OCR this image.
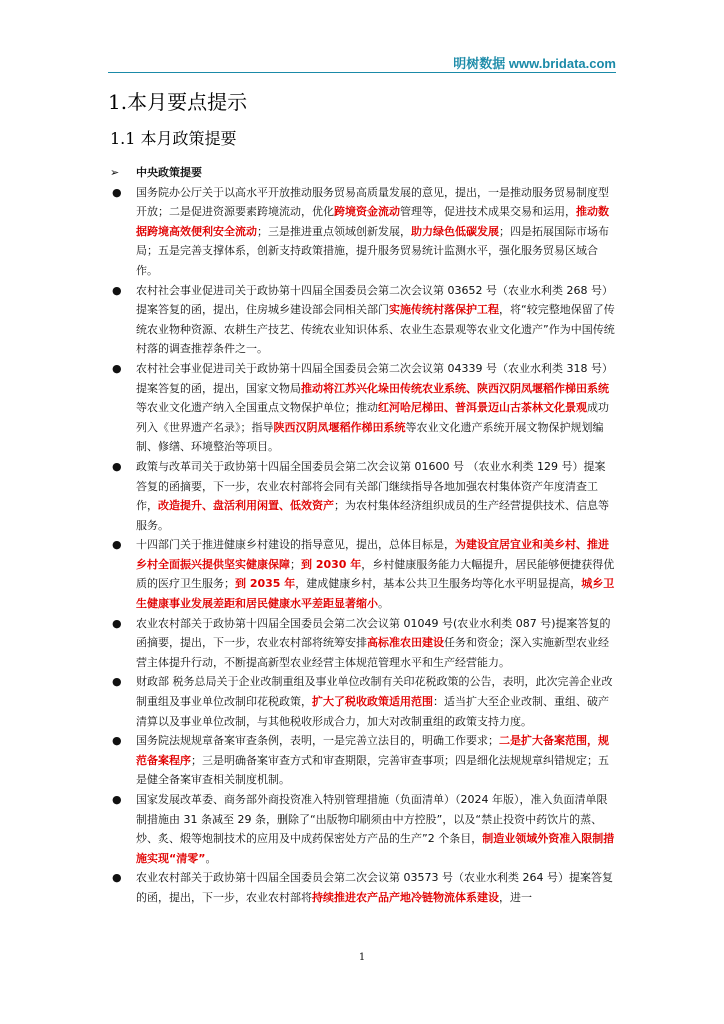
明树数据 www.bridata.com
1.本月要点提示
1.1 本月政策提要
➢ 中央政策提要
● 国务院办公厅关于以高水平开放推动服务贸易高质量发展的意见，提出，一是推动服务贸易制度型开放；二是促进资源要素跨境流动，优化跨境资金流动管理等，促进技术成果交易和运用，推动数据跨境高效便利安全流动；三是推进重点领域创新发展，助力绿色低碳发展；四是拓展国际市场布局；五是完善支撑体系，创新支持政策措施，提升服务贸易统计监测水平，强化服务贸易区域合作。
● 农村社会事业促进司关于政协第十四届全国委员会第二次会议第 03652 号（农业水利类 268 号）提案答复的函，提出，住房城乡建设部会同相关部门实施传统村落保护工程，将“较完整地保留了传统农业物种资源、农耕生产技艺、传统农业知识体系、农业生态景观等农业文化遗产”作为中国传统村落的调查推荐条件之一。
● 农村社会事业促进司关于政协第十四届全国委员会第二次会议第 04339 号（农业水利类 318 号）提案答复的函，提出，国家文物局推动将江苏兴化垛田传统农业系统、陕西汉阴凤堰稻作梯田系统等农业文化遗产纳入全国重点文物保护单位；推动红河哈尼梯田、普洱景迈山古茶林文化景观成功列入《世界遗产名录》；指导陕西汉阴凤堰稻作梯田系统等农业文化遗产系统开展文物保护规划编制、修缮、环境整治等项目。
● 政策与改革司关于政协第十四届全国委员会第二次会议第 01600 号 （农业水利类 129 号）提案答复的函摘要，下一步，农业农村部将会同有关部门继续指导各地加强农村集体资产年度清查工作，改造提升、盘活利用闲置、低效资产；为农村集体经济组织成员的生产经营提供技术、信息等服务。
● 十四部门关于推进健康乡村建设的指导意见，提出，总体目标是，为建设宜居宜业和美乡村、推进乡村全面振兴提供坚实健康保障；到 2030 年，乡村健康服务能力大幅提升，居民能够便捷获得优质的医疗卫生服务；到 2035 年，建成健康乡村，基本公共卫生服务均等化水平明显提高，城乡卫生健康事业发展差距和居民健康水平差距显著缩小。
● 农业农村部关于政协第十四届全国委员会第二次会议第 01049 号(农业水利类 087 号)提案答复的函摘要，提出，下一步，农业农村部将统筹安排高标准农田建设任务和资金；深入实施新型农业经营主体提升行动，不断提高新型农业经营主体规范管理水平和生产经营能力。
● 财政部 税务总局关于企业改制重组及事业单位改制有关印花税政策的公告，表明，此次完善企业改制重组及事业单位改制印花税政策，扩大了税收政策适用范围：适当扩大至企业改制、重组、破产清算以及事业单位改制，与其他税收形成合力，加大对改制重组的政策支持力度。
● 国务院法规规章备案审查条例，表明，一是完善立法目的，明确工作要求；二是扩大备案范围，规范备案程序；三是明确备案审查方式和审查期限，完善审查事项；四是细化法规规章纠错规定；五是健全备案审查相关制度机制。
● 国家发展改革委、商务部外商投资准入特别管理措施（负面清单）（2024 年版），准入负面清单限制措施由 31 条减至 29 条，删除了“出版物印刷须由中方控股”，以及“禁止投资中药饮片的蒸、炒、炙、煅等炮制技术的应用及中成药保密处方产品的生产”2 个条目，制造业领域外资准入限制措施实现“清零”。
● 农业农村部关于政协第十四届全国委员会第二次会议第 03573 号（农业水利类 264 号）提案答复的函，提出，下一步，农业农村部将持续推进农产品产地冷链物流体系建设，进一
1
